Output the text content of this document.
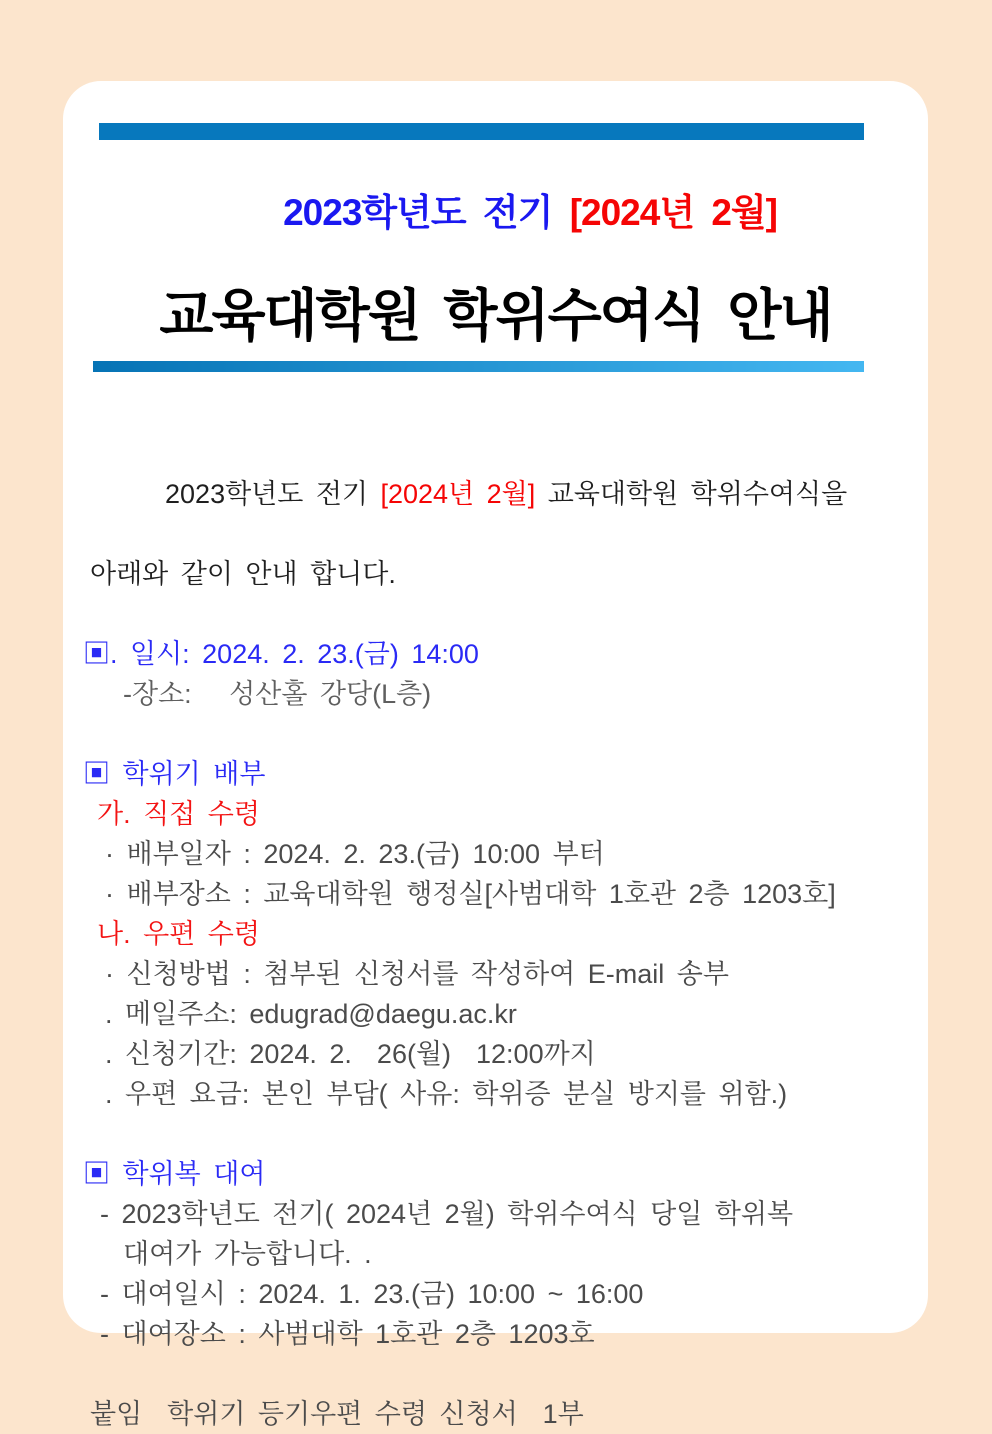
2023학년도 전기 [2024년 2월]

교육대학원 학위수여식 안내

2023학년도 전기 [2024년 2월] 교육대학원 학위수여식을

아래와 같이 안내 합니다.
▣. 일시: 2024. 2. 23.(금) 14:00
-장소:   성산홀 강당(L층)
▣ 학위기 배부
가. 직접 수령
· 배부일자 : 2024. 2. 23.(금) 10:00 부터
· 배부장소 : 교육대학원 행정실[사범대학 1호관 2층 1203호]
나. 우편 수령
· 신청방법 : 첨부된 신청서를 작성하여 E-mail 송부
. 메일주소: edugrad@daegu.ac.kr
. 신청기간: 2024. 2.  26(월)  12:00까지
. 우편 요금: 본인 부담( 사유: 학위증 분실 방지를 위함.)
▣ 학위복 대여
- 2023학년도 전기( 2024년 2월) 학위수여식 당일 학위복
대여가 가능합니다. .
- 대여일시 : 2024. 1. 23.(금) 10:00 ~ 16:00
- 대여장소 : 사범대학 1호관 2층 1203호
붙임  학위기 등기우편 수령 신청서  1부
